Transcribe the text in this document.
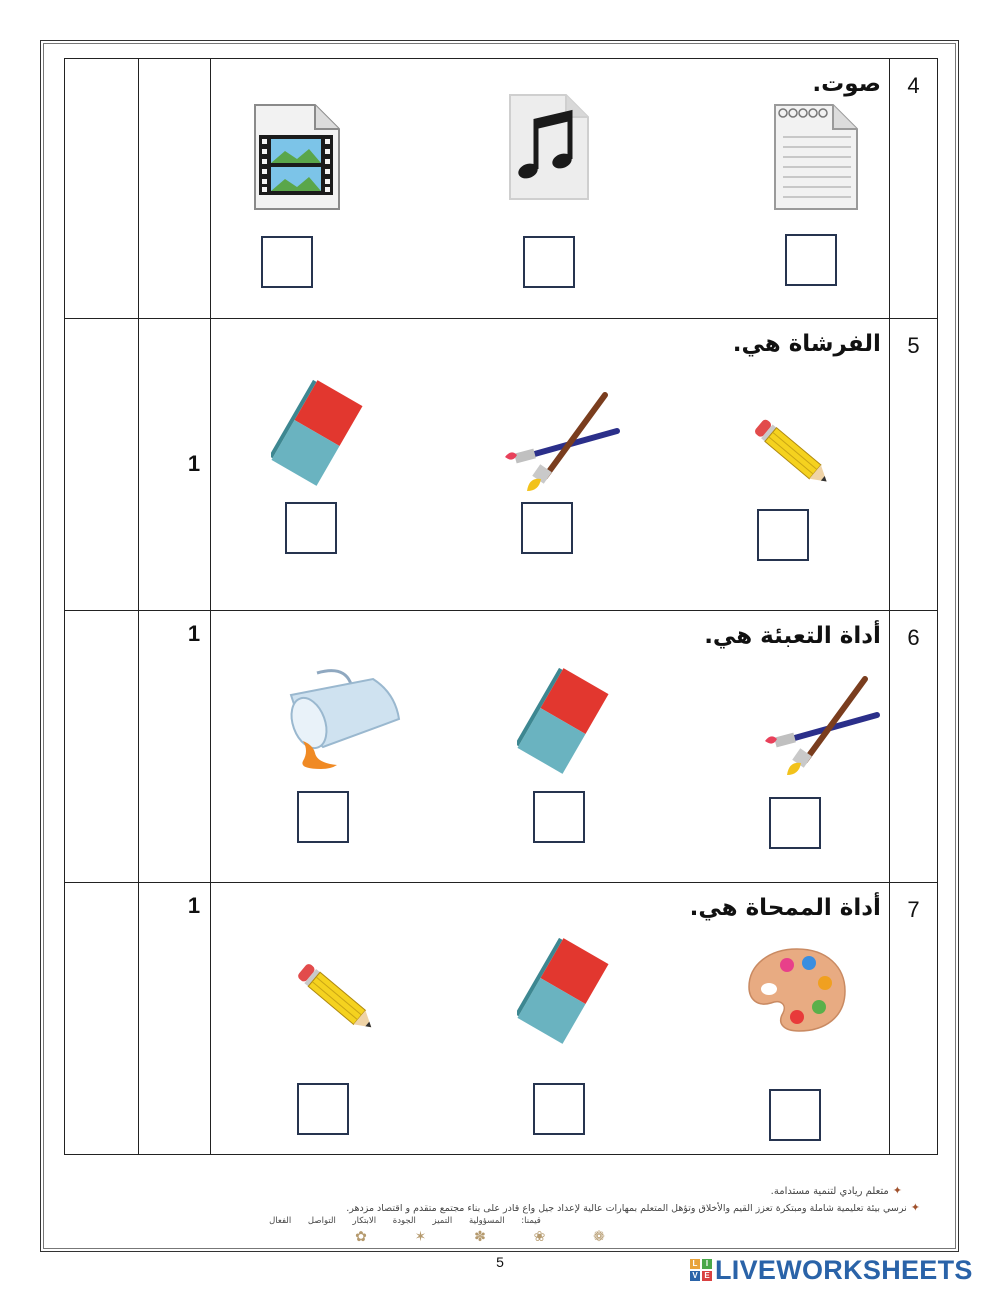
		صوت.	4

	1	الفرشاة هي.	5

	1	أداة التعبئة هي.	6

	1	أداة الممحاة هي.	7
✦متعلم ريادي لتنمية مستدامة.
✦نرسي بيئة تعليمية شاملة ومبتكرة تعزز القيم والأخلاق وتؤهل المتعلم بمهارات عالية لإعداد جيل واع قادر على بناء مجتمع متقدم و اقتصاد مزدهر.
قيمنا: المسؤولية التميز الجودة الابتكار التواصل الفعال
✿	✶	✽	❀	❁
5	L	I
V E LIVEWORKSHEETS
